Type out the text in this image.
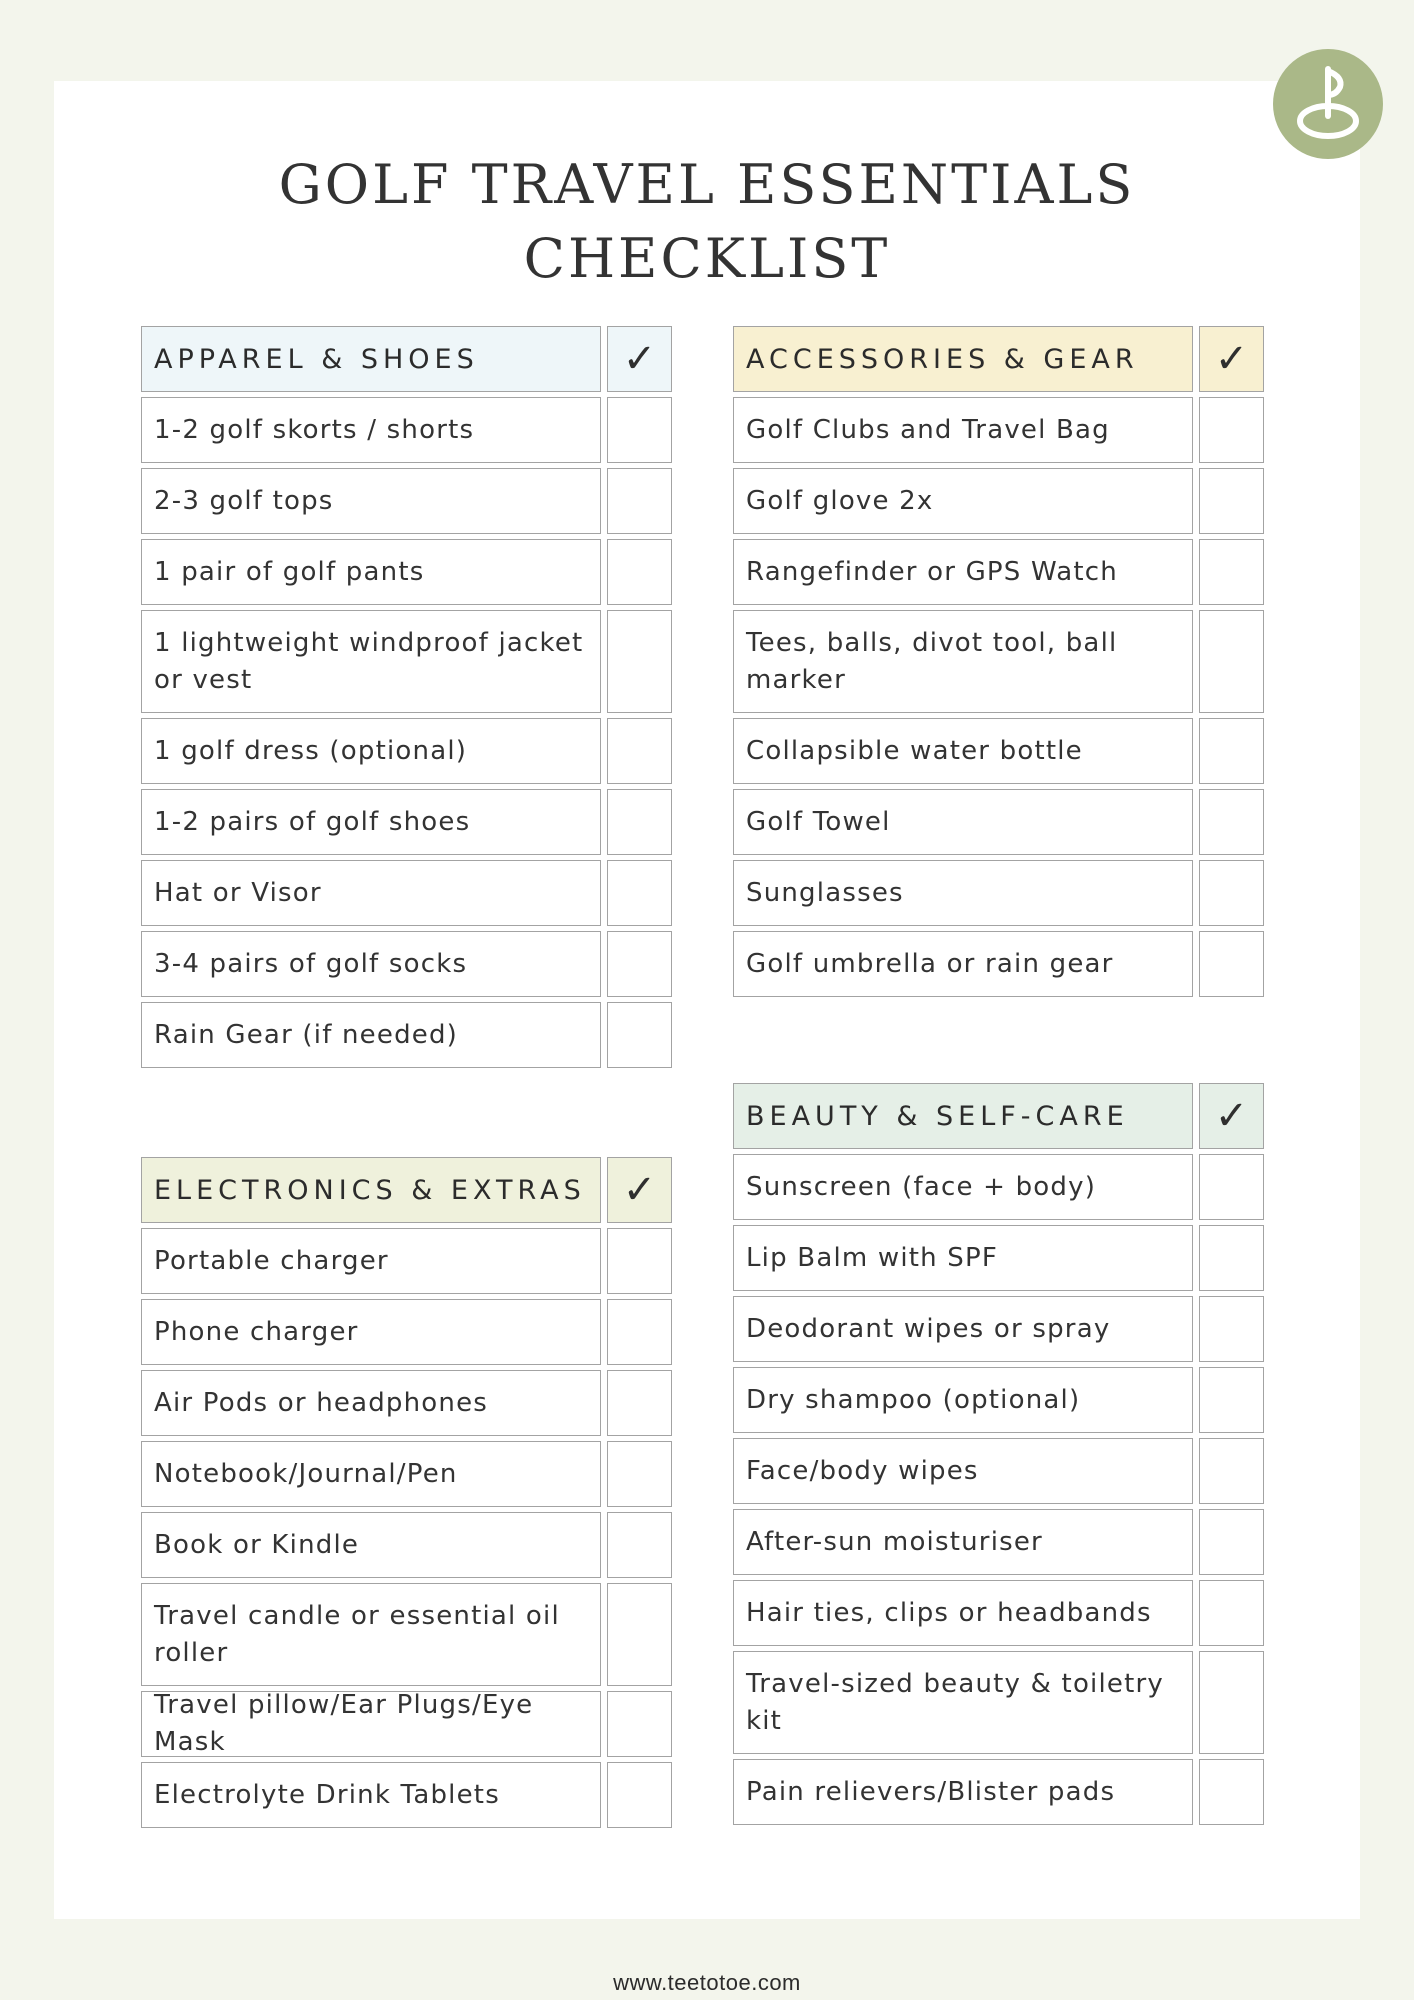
GOLF TRAVEL ESSENTIALS
CHECKLIST
APPAREL & SHOES	✓
1-2 golf skorts / shorts
2-3 golf tops
1 pair of golf pants
1 lightweight windproof jacket or vest
1 golf dress (optional)
1-2 pairs of golf shoes
Hat or Visor
3-4 pairs of golf socks
Rain Gear (if needed)
ACCESSORIES & GEAR	✓
Golf Clubs and Travel Bag
Golf glove 2x
Rangefinder or GPS Watch
Tees, balls, divot tool, ball marker
Collapsible water bottle
Golf Towel
Sunglasses
Golf umbrella or rain gear
ELECTRONICS & EXTRAS ✓
Portable charger
Phone charger
Air Pods or headphones
Notebook/Journal/Pen
Book or Kindle
Travel candle or essential oil roller
Travel pillow/Ear Plugs/Eye Mask
Electrolyte Drink Tablets
BEAUTY & SELF-CARE	✓
Sunscreen (face + body)
Lip Balm with SPF
Deodorant wipes or spray
Dry shampoo (optional)
Face/body wipes
After-sun moisturiser
Hair ties, clips or headbands
Travel-sized beauty & toiletry kit
Pain relievers/Blister pads
www.teetotoe.com
